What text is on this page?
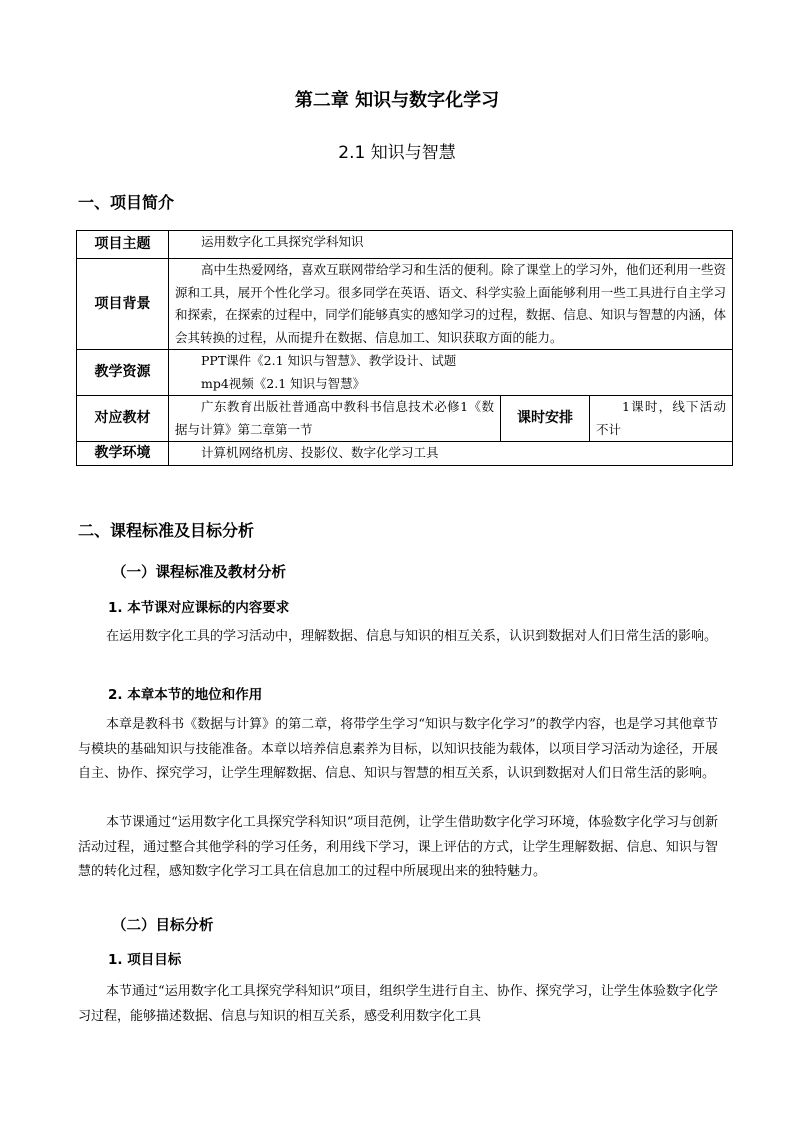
第二章 知识与数字化学习
2.1 知识与智慧
一、项目简介
项目主题	运用数字化工具探究学科知识		

项目背景	高中生热爱网络，喜欢互联网带给学习和生活的便利。除了课堂上的学习外，他们还利用一些资源和工具，展开个性化学习。很多同学在英语、语文、科学实验上面能够利用一些工具进行自主学习和探索，在探索的过程中，同学们能够真实的感知学习的过程，数据、信息、知识与智慧的内涵，体会其转换的过程，从而提升在数据、信息加工、知识获取方面的能力。		
教学资源	PPT课件《2.1 知识与智慧》、教学设计、试题
mp4视频《2.1 知识与智慧》		

对应教材	广东教育出版社普通高中教科书信息技术必修1《数据与计算》第二章第一节	课时安排	1课时，线下活动不计
教学环境	计算机网络机房、投影仪、数字化学习工具		
二、课程标准及目标分析
（一）课程标准及教材分析
1. 本节课对应课标的内容要求

在运用数字化工具的学习活动中，理解数据、信息与知识的相互关系，认识到数据对人们日常生活的影响。

2. 本章本节的地位和作用

本章是教科书《数据与计算》的第二章，将带学生学习“知识与数字化学习”的教学内容，也是学习其他章节与模块的基础知识与技能准备。本章以培养信息素养为目标，以知识技能为载体，以项目学习活动为途径，开展自主、协作、探究学习，让学生理解数据、信息、知识与智慧的相互关系，认识到数据对人们日常生活的影响。

本节课通过“运用数字化工具探究学科知识”项目范例，让学生借助数字化学习环境，体验数字化学习与创新活动过程，通过整合其他学科的学习任务，利用线下学习，课上评估的方式，让学生理解数据、信息、知识与智慧的转化过程，感知数字化学习工具在信息加工的过程中所展现出来的独特魅力。

（二）目标分析
1. 项目目标

本节通过“运用数字化工具探究学科知识”项目，组织学生进行自主、协作、探究学习，让学生体验数字化学习过程，能够描述数据、信息与知识的相互关系，感受利用数字化工具
